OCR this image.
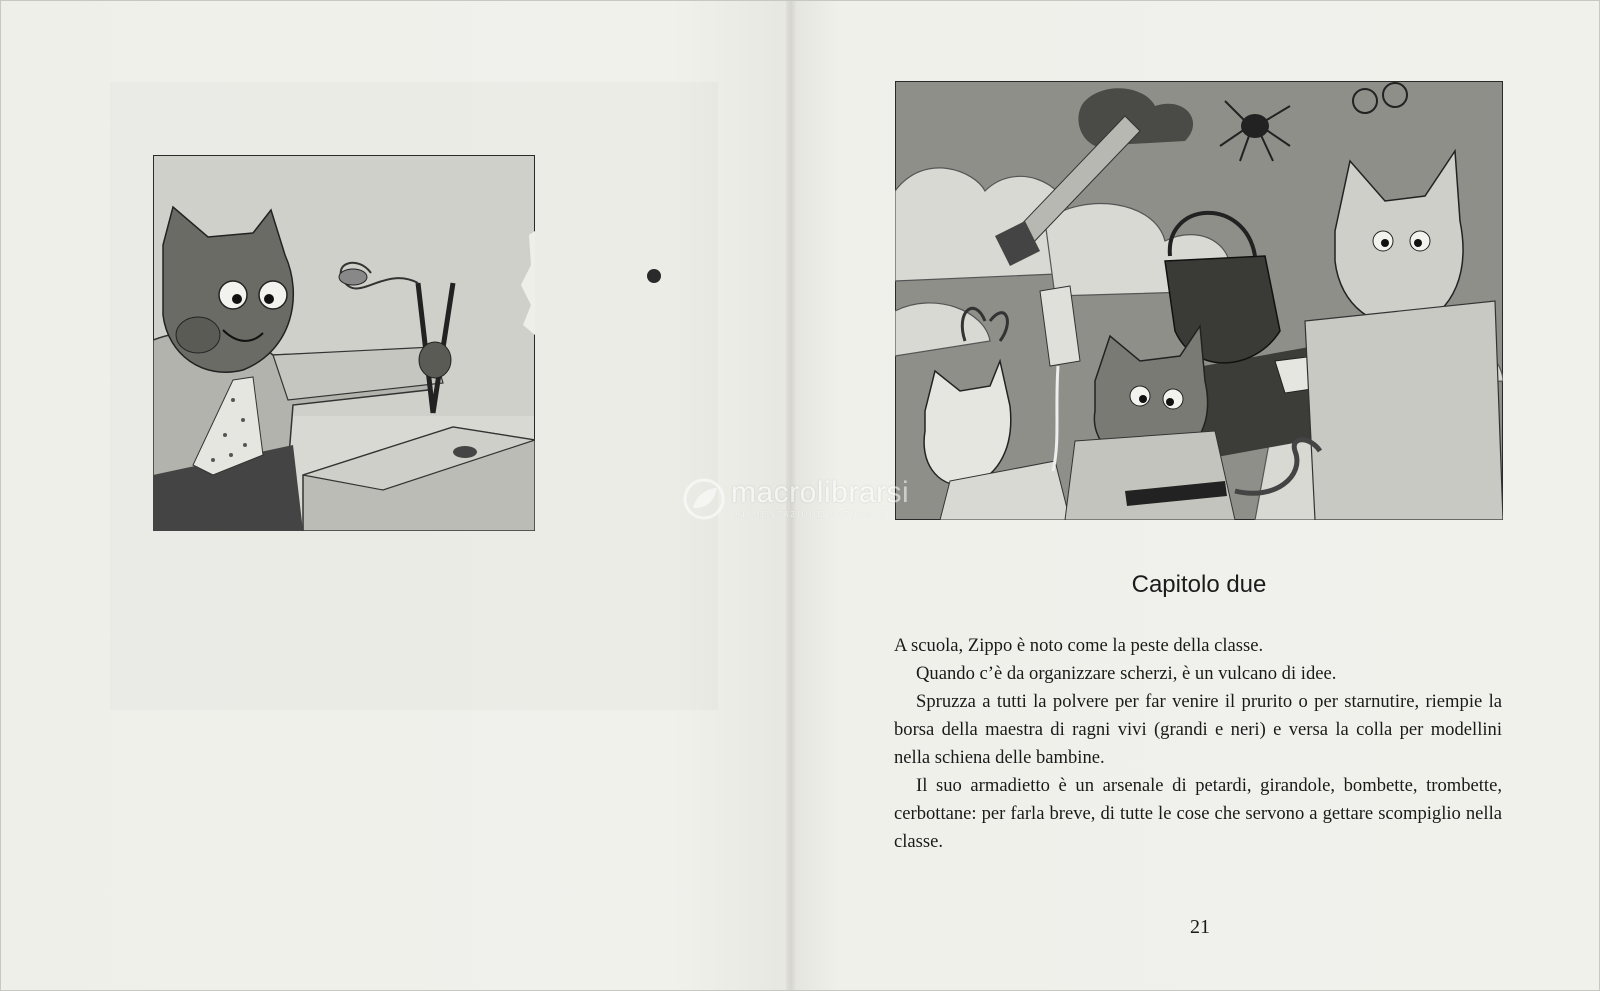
Capitolo due

A scuola, Zippo è noto come la peste della classe.

Quando c’è da organizzare scherzi, è un vulcano di idee.

Spruzza a tutti la polvere per far venire il prurito o per starnutire, riempie la borsa della maestra di ragni vivi (grandi e neri) e versa la colla per modellini nella schiena delle bambine.

Il suo armadietto è un arsenale di petardi, girandole, bombette, trombette, cerbottane: per farla breve, di tutte le cose che servono a gettare scompiglio nella classe.

21
macrolibrarsi
ALIMENTAZIONE NATURALE
